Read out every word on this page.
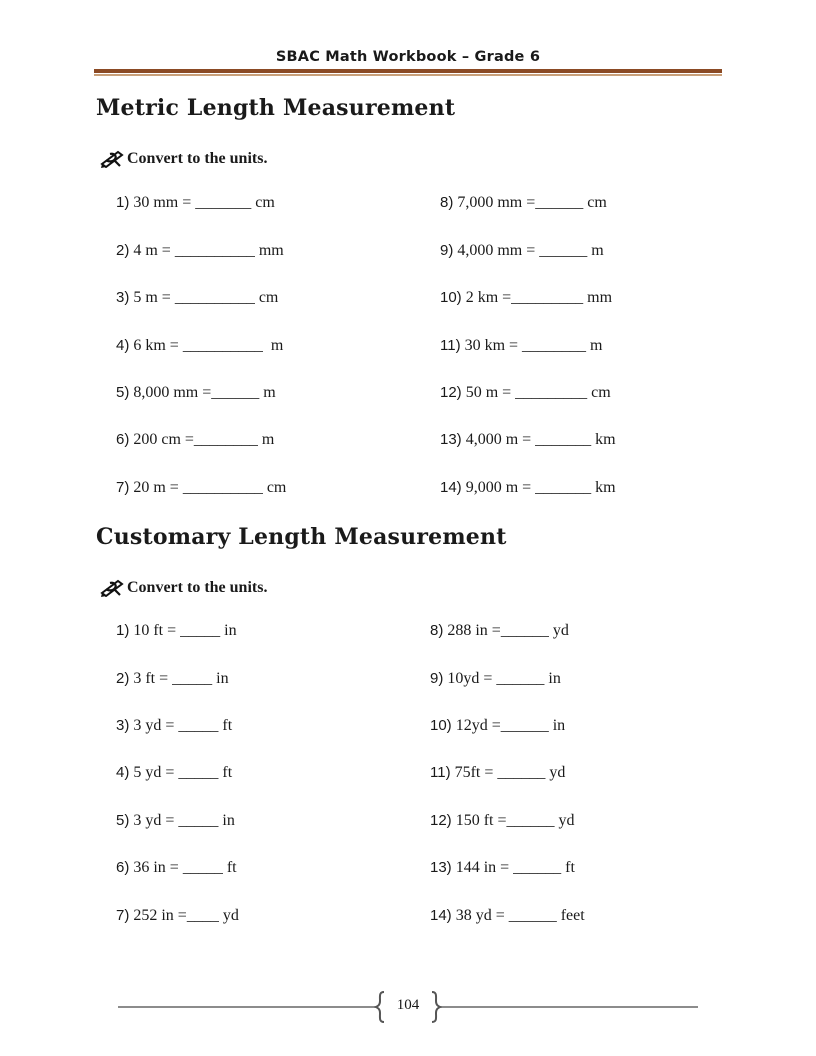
SBAC Math Workbook – Grade 6
Metric Length Measurement
Convert to the units.
1) 30 mm = _______ cm
2) 4 m = __________ mm
3) 5 m = __________ cm
4) 6 km = __________  m
5) 8,000 mm =______ m
6) 200 cm =________ m
7) 20 m = __________ cm
8) 7,000 mm =______ cm
9) 4,000 mm = ______ m
10) 2 km =_________ mm
11) 30 km = ________ m
12) 50 m = _________ cm
13) 4,000 m = _______ km
14) 9,000 m = _______ km
Customary Length Measurement
Convert to the units.
1) 10 ft = _____ in
2) 3 ft = _____ in
3) 3 yd = _____ ft
4) 5 yd = _____ ft
5) 3 yd = _____ in
6) 36 in = _____ ft
7) 252 in =____ yd
8) 288 in =______ yd
9) 10yd = ______ in
10) 12yd =______ in
11) 75ft = ______ yd
12) 150 ft =______ yd
13) 144 in = ______ ft
14) 38 yd = ______ feet
104
